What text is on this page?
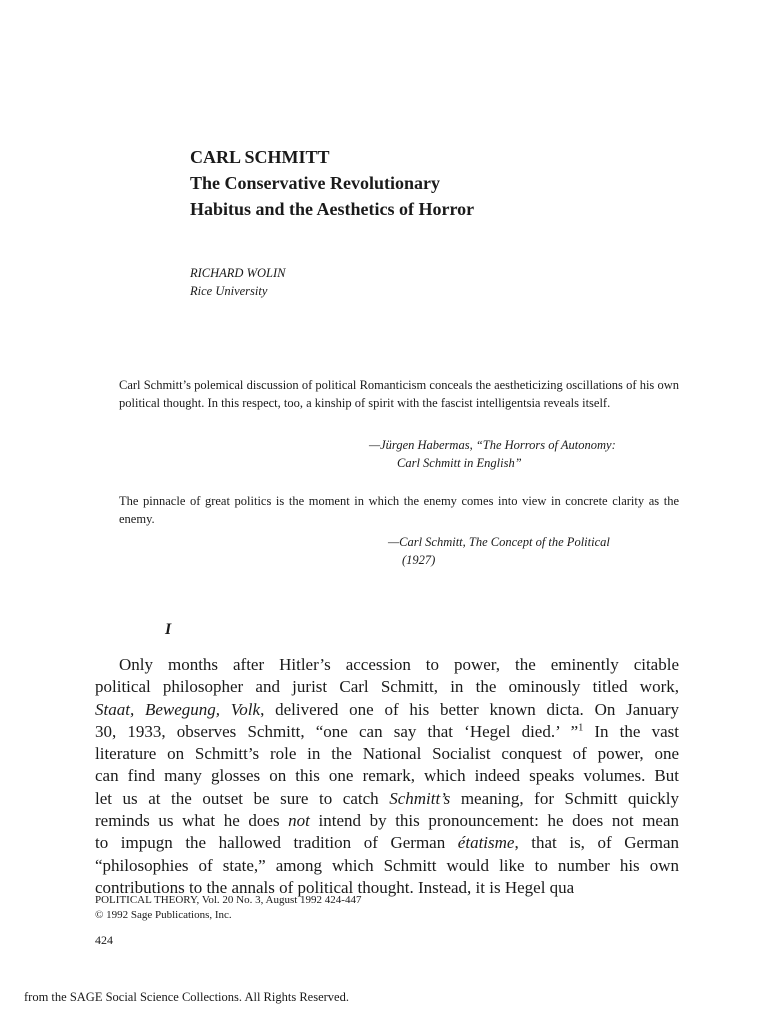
CARL SCHMITT
The Conservative Revolutionary
Habitus and the Aesthetics of Horror
RICHARD WOLIN
Rice University
Carl Schmitt’s polemical discussion of political Romanticism conceals the aestheticizing oscillations of his own political thought. In this respect, too, a kinship of spirit with the fascist intelligentsia reveals itself.
—Jürgen Habermas, “The Horrors of Autonomy:
Carl Schmitt in English”
The pinnacle of great politics is the moment in which the enemy comes into view in concrete clarity as the enemy.
—Carl Schmitt, The Concept of the Political
(1927)
I
Only months after Hitler’s accession to power, the eminently citable
political philosopher and jurist Carl Schmitt, in the ominously titled work,
Staat, Bewegung, Volk, delivered one of his better known dicta. On January
30, 1933, observes Schmitt, “one can say that ‘Hegel died.’ ”$^1$ In the vast
literature on Schmitt’s role in the National Socialist conquest of power, one
can find many glosses on this one remark, which indeed speaks volumes. But
let us at the outset be sure to catch Schmitt’s meaning, for Schmitt quickly
reminds us what he does not intend by this pronouncement: he does not mean
to impugn the hallowed tradition of German étatisme, that is, of German
“philosophies of state,” among which Schmitt would like to number his own
contributions to the annals of political thought. Instead, it is Hegel qua
POLITICAL THEORY, Vol. 20 No. 3, August 1992 424-447
© 1992 Sage Publications, Inc.
424
from the SAGE Social Science Collections. All Rights Reserved.
